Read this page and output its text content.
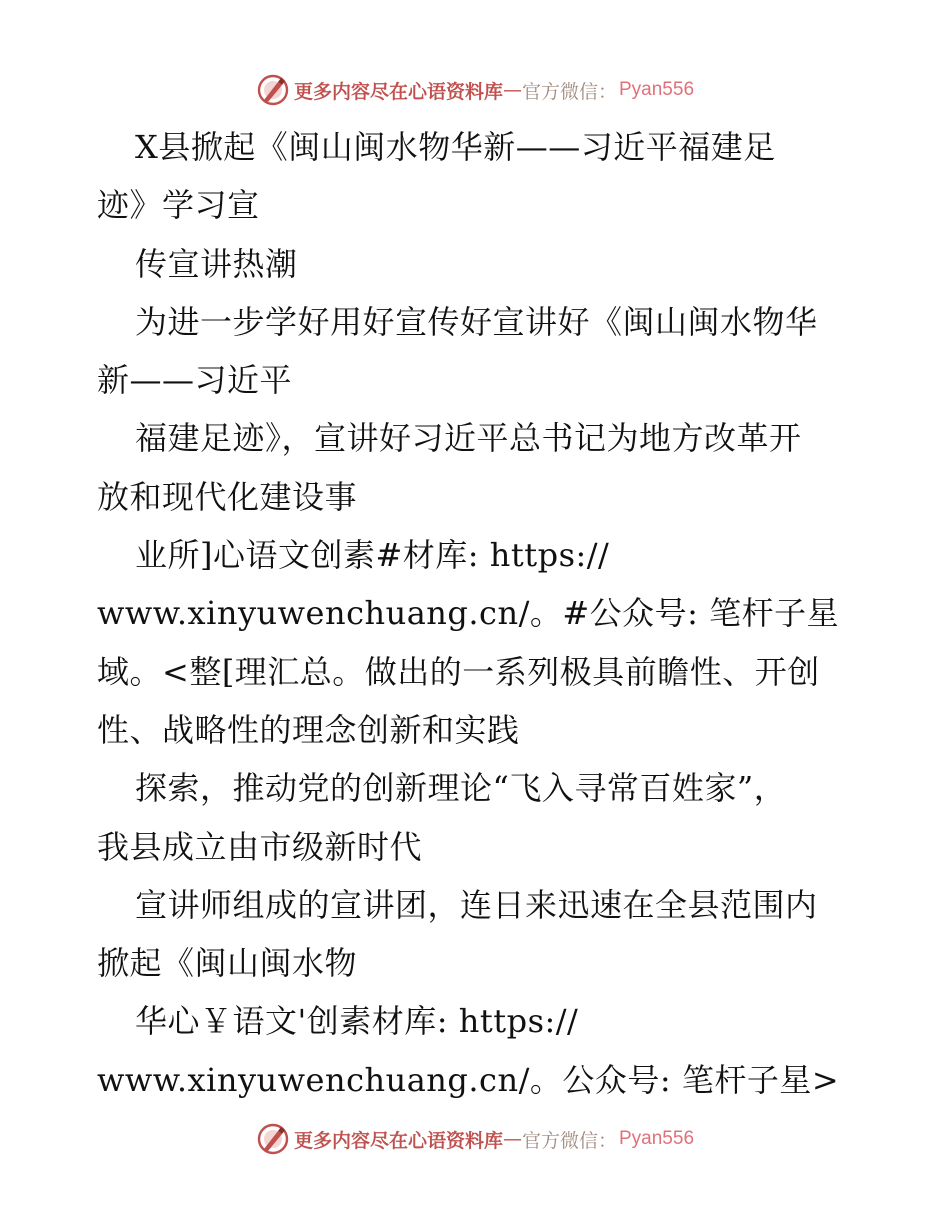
更多内容尽在心语资料库 — 官方微信： Pyan556
X县掀起《闽山闽水物华新——习近平福建足
迹》学习宣
传宣讲热潮
为进一步学好用好宣传好宣讲好《闽山闽水物华
新——习近平
福建足迹》，宣讲好习近平总书记为地方改革开
放和现代化建设事
业所]心语文创素#材库: https://
www.xinyuwenchuang.cn/。#公众号: 笔杆子星
域。<整[理汇总。做出的一系列极具前瞻性、开创
性、战略性的理念创新和实践
探索，推动党的创新理论“飞入寻常百姓家”，
我县成立由市级新时代
宣讲师组成的宣讲团，连日来迅速在全县范围内
掀起《闽山闽水物
华心￥语文'创素材库: https://
www.xinyuwenchuang.cn/。公众号: 笔杆子星>
更多内容尽在心语资料库 — 官方微信： Pyan556
